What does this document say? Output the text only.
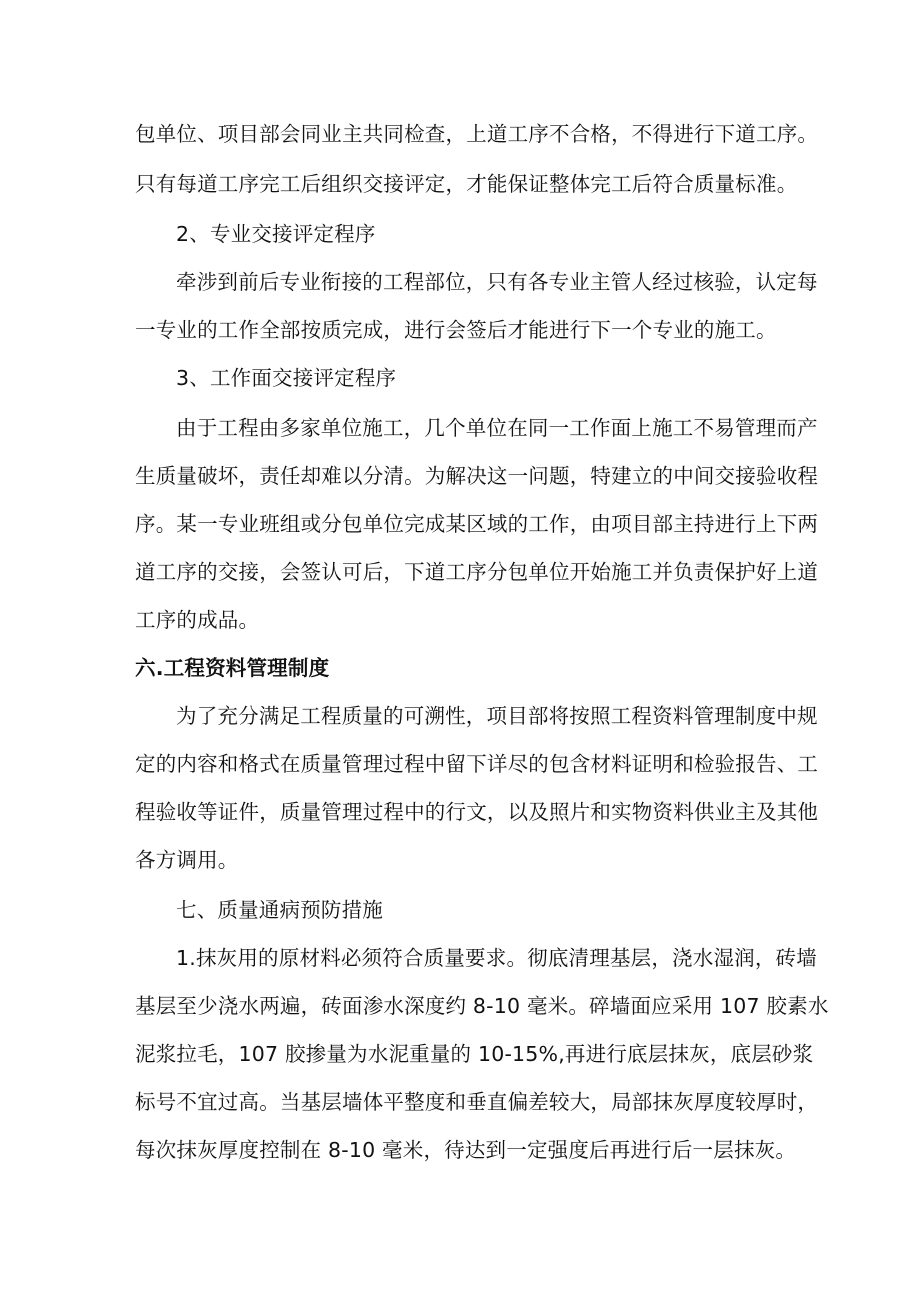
包单位、项目部会同业主共同检查，上道工序不合格，不得进行下道工序。
只有每道工序完工后组织交接评定，才能保证整体完工后符合质量标准。
2、专业交接评定程序
牵涉到前后专业衔接的工程部位，只有各专业主管人经过核验，认定每
一专业的工作全部按质完成，进行会签后才能进行下一个专业的施工。
3、工作面交接评定程序
由于工程由多家单位施工，几个单位在同一工作面上施工不易管理而产
生质量破坏，责任却难以分清。为解决这一问题，特建立的中间交接验收程
序。某一专业班组或分包单位完成某区域的工作，由项目部主持进行上下两
道工序的交接，会签认可后，下道工序分包单位开始施工并负责保护好上道
工序的成品。
六.工程资料管理制度
为了充分满足工程质量的可溯性，项目部将按照工程资料管理制度中规
定的内容和格式在质量管理过程中留下详尽的包含材料证明和检验报告、工
程验收等证件，质量管理过程中的行文，以及照片和实物资料供业主及其他
各方调用。
七、质量通病预防措施
1.抹灰用的原材料必须符合质量要求。彻底清理基层，浇水湿润，砖墙
基层至少浇水两遍，砖面渗水深度约 8-10 毫米。碎墙面应采用 107 胶素水
泥浆拉毛，107 胶掺量为水泥重量的 10-15%,再进行底层抹灰，底层砂浆
标号不宜过高。当基层墙体平整度和垂直偏差较大，局部抹灰厚度较厚时，
每次抹灰厚度控制在 8-10 毫米，待达到一定强度后再进行后一层抹灰。
